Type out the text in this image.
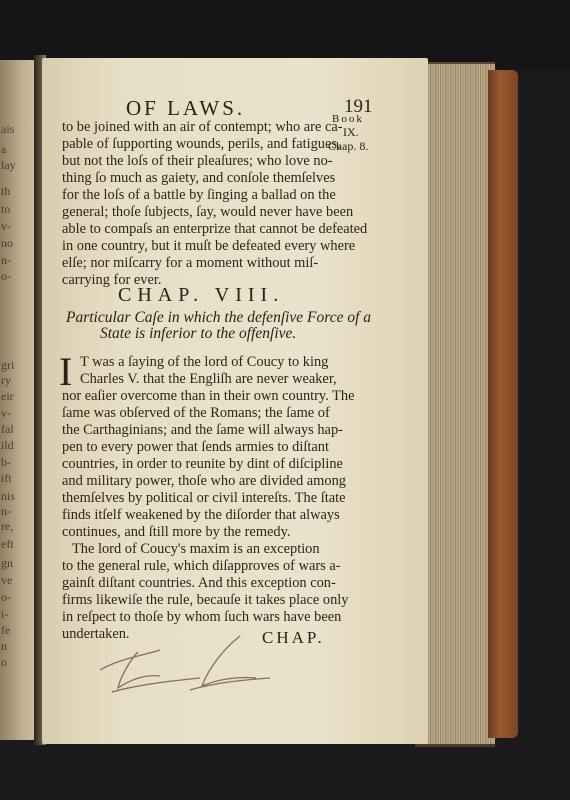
ais
a
lay
th
to
v-
no
n-
o-
gri
ry
eir
v-
fal
ild
b-
ift
nis
n-
re,
eft
gn
ve
o-
i-
fe
n
o
OF LAWS.	191
Book
IX.
Chap. 8.
to be joined with an air of contempt; who are ca-
pable of ſupporting wounds, perils, and fatigues,
but not the loſs of their pleaſures; who love no-
thing ſo much as gaiety, and conſole themſelves
for the loſs of a battle by ſinging a ballad on the
general; thoſe ſubjects, ſay, would never have been
able to compaſs an enterprize that cannot be defeated
in one country, but it muſt be defeated every where
elſe; nor miſcarry for a moment without miſ-
carrying for ever.
CHAP. VIII.
Particular Caſe in which the defenſive Force of a
State is inferior to the offenſive.
I T was a ſaying of the lord of Coucy to king
Charles V. that the Engliſh are never weaker,
nor eaſier overcome than in their own country. The
ſame was obſerved of the Romans; the ſame of
the Carthaginians; and the ſame will always hap-
pen to every power that ſends armies to diſtant
countries, in order to reunite by dint of diſcipline
and military power, thoſe who are divided among
themſelves by political or civil intereſts. The ſtate
finds itſelf weakened by the diſorder that always
continues, and ſtill more by the remedy.
The lord of Coucy's maxim is an exception
to the general rule, which diſapproves of wars a-
gainſt diſtant countries. And this exception con-
firms likewiſe the rule, becauſe it takes place only
in reſpect to thoſe by whom ſuch wars have been
undertaken.	CHAP.
